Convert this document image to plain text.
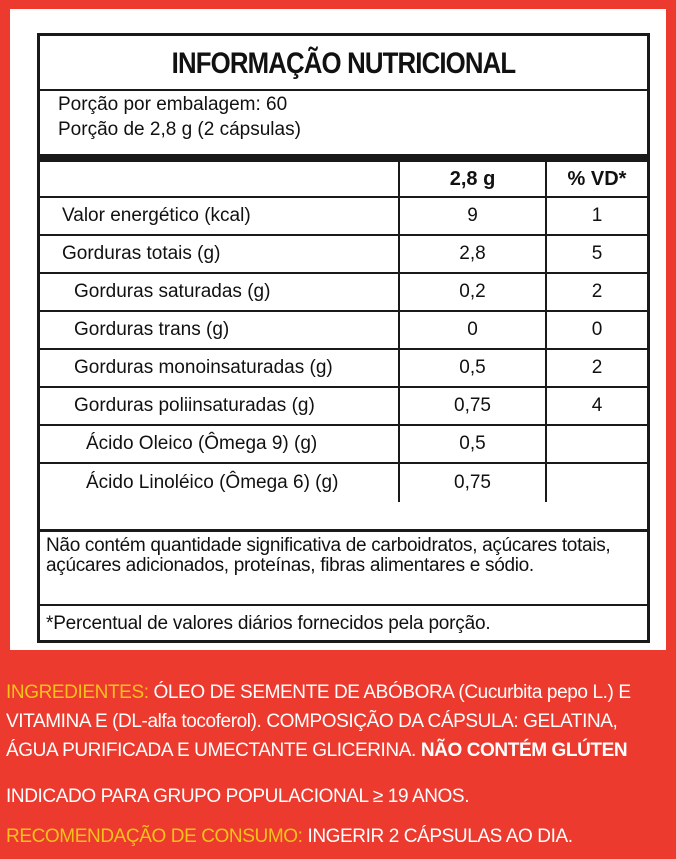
INFORMAÇÃO NUTRICIONAL
Porção por embalagem: 60
Porção de 2,8 g (2 cápsulas)
	2,8 g	% VD*
Valor energético (kcal)	9	1
Gorduras totais (g)	2,8	5
Gorduras saturadas (g)	0,2	2
Gorduras trans (g)	0	0
Gorduras monoinsaturadas (g)	0,5	2
Gorduras poliinsaturadas (g)	0,75	4
Ácido Oleico (Ômega 9) (g)	0,5	
Ácido Linoléico (Ômega 6) (g)	0,75	
Não contém quantidade significativa de carboidratos, açúcares totais, açúcares adicionados, proteínas, fibras alimentares e sódio.
*Percentual de valores diários fornecidos pela porção.
INGREDIENTES: ÓLEO DE SEMENTE DE ABÓBORA (Cucurbita pepo L.) E VITAMINA E (DL-alfa tocoferol). COMPOSIÇÃO DA CÁPSULA: GELATINA, ÁGUA PURIFICADA E UMECTANTE GLICERINA. NÃO CONTÉM GLÚTEN
INDICADO PARA GRUPO POPULACIONAL ≥ 19 ANOS.
RECOMENDAÇÃO DE CONSUMO: INGERIR 2 CÁPSULAS AO DIA.
